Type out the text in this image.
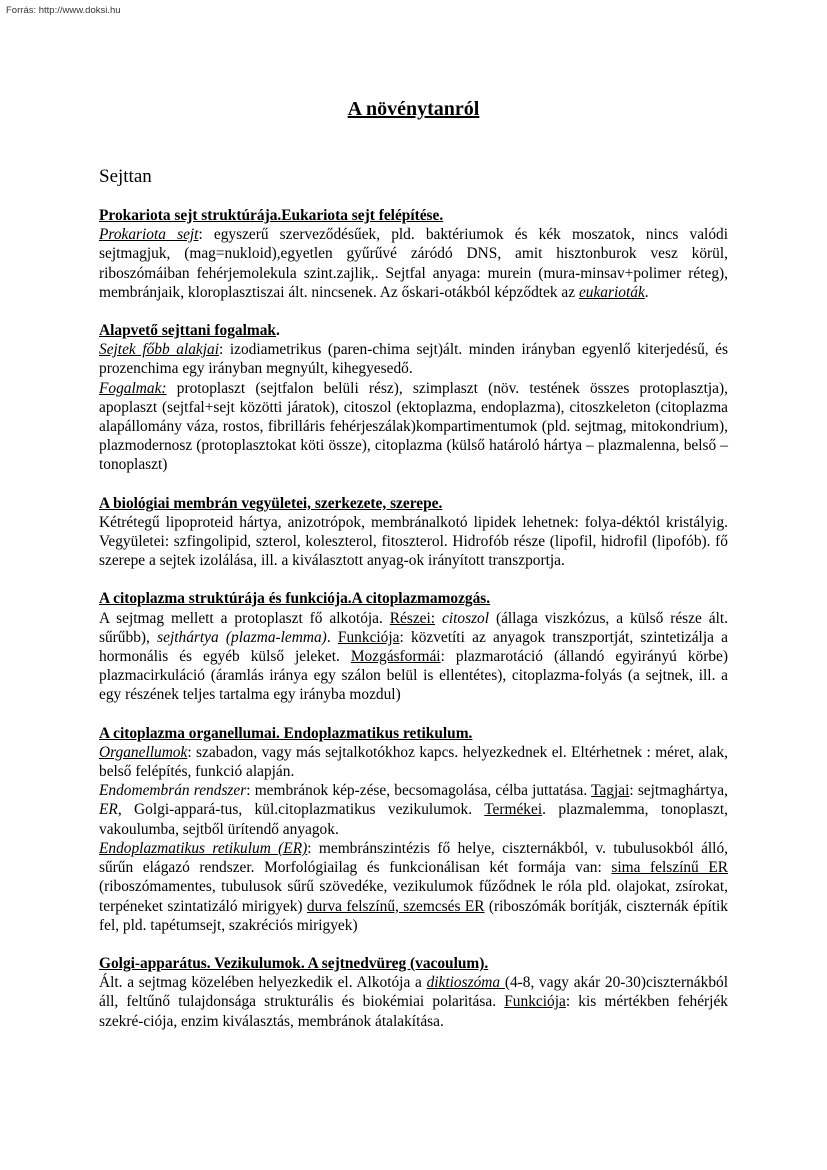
Forrás: http://www.doksi.hu
A növénytanról
Sejttan
Prokariota sejt struktúrája.Eukariota sejt felépítése.

Prokariota sejt: egyszerű szerveződésűek, pld. baktériumok és kék moszatok, nincs valódi sejtmagjuk, (mag=nukloid),egyetlen gyűrűvé záródó DNS, amit hisztonburok vesz körül, riboszómáiban fehérjemolekula szint.zajlik,. Sejtfal anyaga: murein (mura-minsav+polimer réteg), membránjaik, kloroplasztiszai ált. nincsenek. Az őskari-otákból képződtek az eukarioták.

Alapvető sejttani fogalmak.

Sejtek főbb alakjai: izodiametrikus (paren-chima sejt)ált. minden irányban egyenlő kiterjedésű, és prozenchima egy irányban megnyúlt, kihegyesedő.

Fogalmak: protoplaszt (sejtfalon belüli rész), szimplaszt (növ. testének összes protoplasztja), apoplaszt (sejtfal+sejt közötti járatok), citoszol (ektoplazma, endoplazma), citoszkeleton (citoplazma alapállomány váza, rostos, fibrilláris fehérjeszálak)kompartimentumok (pld. sejtmag, mitokondrium), plazmodernosz (protoplasztokat köti össze), citoplazma (külső határoló hártya – plazmalenna, belső – tonoplaszt)

A biológiai membrán vegyületei, szerkezete, szerepe.

Kétrétegű lipoproteid hártya, anizotrópok, membránalkotó lipidek lehetnek: folya-déktól kristályig. Vegyületei: szfingolipid, szterol, koleszterol, fitoszterol. Hidrofób része (lipofil, hidrofil (lipofób). fő szerepe a sejtek izolálása, ill. a kiválasztott anyag-ok irányított transzportja.

A citoplazma struktúrája és funkciója.A citoplazmamozgás.

A sejtmag mellett a protoplaszt fő alkotója. Részei: citoszol (állaga viszkózus, a külső része ált. sűrűbb), sejthártya (plazma-lemma). Funkciója: közvetíti az anyagok transzportját, szintetizálja a hormonális és egyéb külső jeleket. Mozgásformái: plazmarotáció (állandó egyirányú körbe) plazmacirkuláció (áramlás iránya egy szálon belül is ellentétes), citoplazma-folyás (a sejtnek, ill. a egy részének teljes tartalma egy irányba mozdul)

A citoplazma organellumai. Endoplazmatikus retikulum.

Organellumok: szabadon, vagy más sejtalkotókhoz kapcs. helyezkednek el. Eltérhetnek : méret, alak, belső felépítés, funkció alapján.

Endomembrán rendszer: membránok kép-zése, becsomagolása, célba juttatása. Tagjai: sejtmaghártya, ER, Golgi-appará-tus, kül.citoplazmatikus vezikulumok. Termékei. plazmalemma, tonoplaszt, vakoulumba, sejtből ürítendő anyagok.

Endoplazmatikus retikulum (ER): membránszintézis fő helye, ciszternákból, v. tubulusokból álló, sűrűn elágazó rendszer. Morfológiailag és funkcionálisan két formája van: sima felszínű ER (riboszómamentes, tubulusok sűrű szövedéke, vezikulumok fűződnek le róla pld. olajokat, zsírokat, terpéneket szintatizáló mirigyek) durva felszínű, szemcsés ER (riboszómák borítják, ciszternák építik fel, pld. tapétumsejt, szakréciós mirigyek)

Golgi-apparátus. Vezikulumok. A sejtnedvüreg (vacoulum).

Ált. a sejtmag közelében helyezkedik el. Alkotója a diktioszóma (4-8, vagy akár 20-30)ciszternákból áll, feltűnő tulajdonsága strukturális és biokémiai polaritása. Funkciója: kis mértékben fehérjék szekré-ciója, enzim kiválasztás, membránok átalakítása.
